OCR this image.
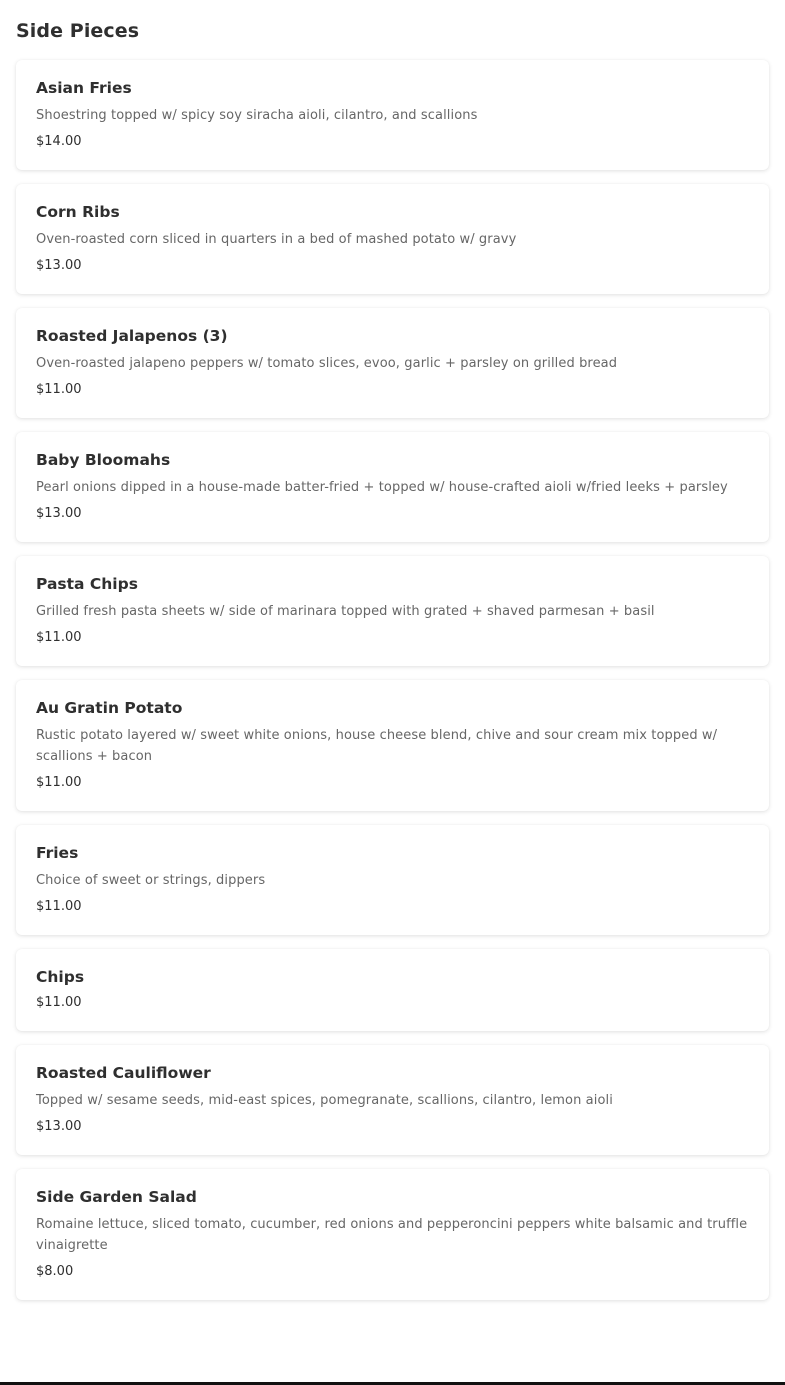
Side Pieces
Asian Fries
Shoestring topped w/ spicy soy siracha aioli, cilantro, and scallions
$14.00
Corn Ribs
Oven-roasted corn sliced in quarters in a bed of mashed potato w/ gravy
$13.00
Roasted Jalapenos (3)
Oven-roasted jalapeno peppers w/ tomato slices, evoo, garlic + parsley on grilled bread
$11.00
Baby Bloomahs
Pearl onions dipped in a house-made batter-fried + topped w/ house-crafted aioli w/fried leeks + parsley
$13.00
Pasta Chips
Grilled fresh pasta sheets w/ side of marinara topped with grated + shaved parmesan + basil
$11.00
Au Gratin Potato
Rustic potato layered w/ sweet white onions, house cheese blend, chive and sour cream mix topped w/ scallions + bacon
$11.00
Fries
Choice of sweet or strings, dippers
$11.00
Chips
$11.00
Roasted Cauliflower
Topped w/ sesame seeds, mid-east spices, pomegranate, scallions, cilantro, lemon aioli
$13.00
Side Garden Salad
Romaine lettuce, sliced tomato, cucumber, red onions and pepperoncini peppers white balsamic and truffle vinaigrette
$8.00
